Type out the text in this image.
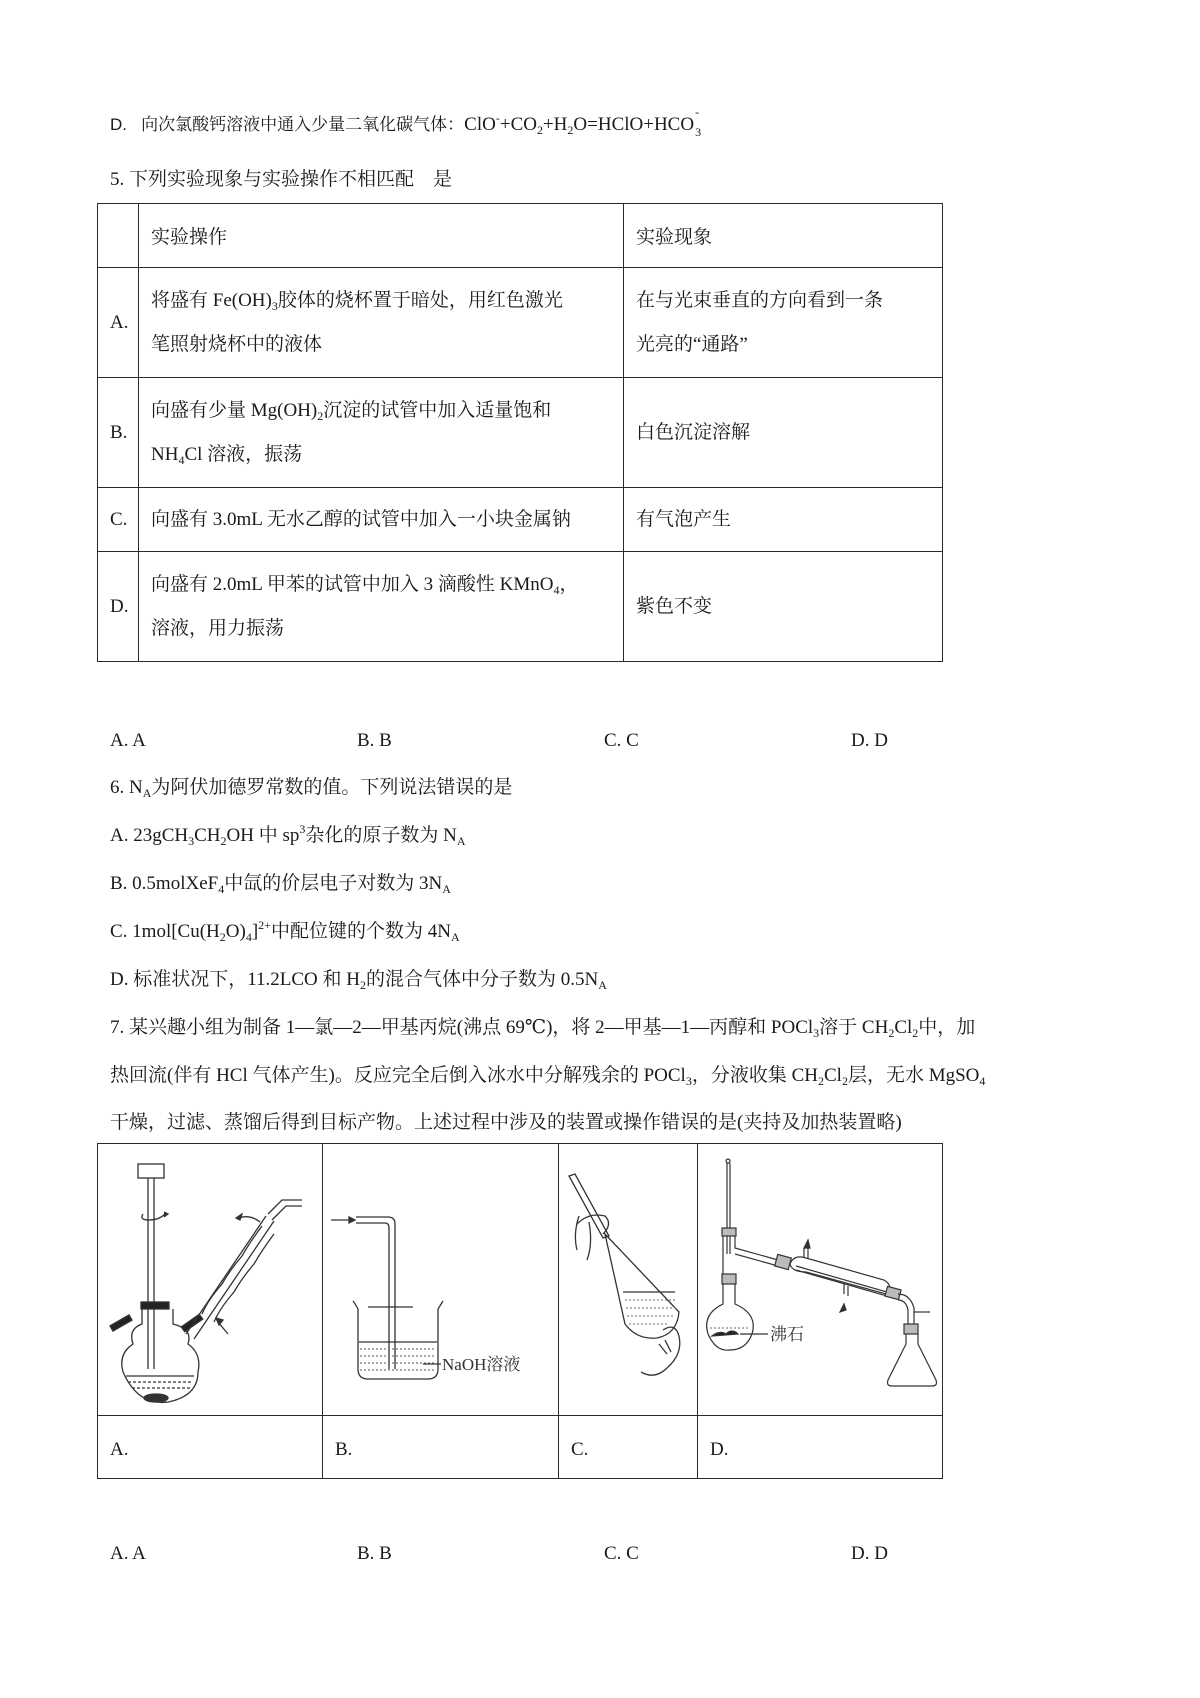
D. 向次氯酸钙溶液中通入少量二氧化碳气体：$ClO^-+CO_2+H_2O=HClO+HCO$
-
3
5. 下列实验现象与实验操作不相匹配 是
	实验操作	实验现象
A.	将盛有 $Fe(OH)_3$胶体的烧杯置于暗处，用红色激光
笔照射烧杯中的液体	在与光束垂直的方向看到一条
光亮的“通路”

B.	向盛有少量 $Mg(OH)_2$沉淀的试管中加入适量饱和
$NH_4Cl$ 溶液，振荡	白色沉淀溶解

C.	向盛有 3.0mL 无水乙醇的试管中加入一小块金属钠	有气泡产生

D.	向盛有 2.0mL 甲苯的试管中加入 3 滴酸性 KMnO$_4$，
溶液，用力振荡	紫色不变
A. A	B. B	C. C	D. D
6. $N_A$为阿伏加德罗常数的值。下列说法错误的是
A. $23gCH_3CH_2OH$ 中 $sp^3$杂化的原子数为 $N_A$
B. 0.5molXeF$_4$中氙的价层电子对数为 $3N_A$
C. $1mol[Cu(H_2O)_4]^{2+}$中配位键的个数为 $4N_A$
D. 标准状况下，11.2LCO 和 $H_2$的混合气体中分子数为 $0.5N_A$
7. 某兴趣小组为制备 1—氯—2—甲基丙烷(沸点 69℃)，将 2—甲基—1—丙醇和 POCl$_3$溶于 $CH_2Cl_2$中，加
热回流(伴有 HCl 气体产生)。反应完全后倒入冰水中分解残余的 POCl$_3$，分液收集 $CH_2Cl_2$层，无水 MgSO$_4$
干燥，过滤、蒸馏后得到目标产物。上述过程中涉及的装置或操作错误的是(夹持及加热装置略)
A.	B.	C.	D.
NaOH溶液
沸石
A. A	B. B	C. C	D. D
